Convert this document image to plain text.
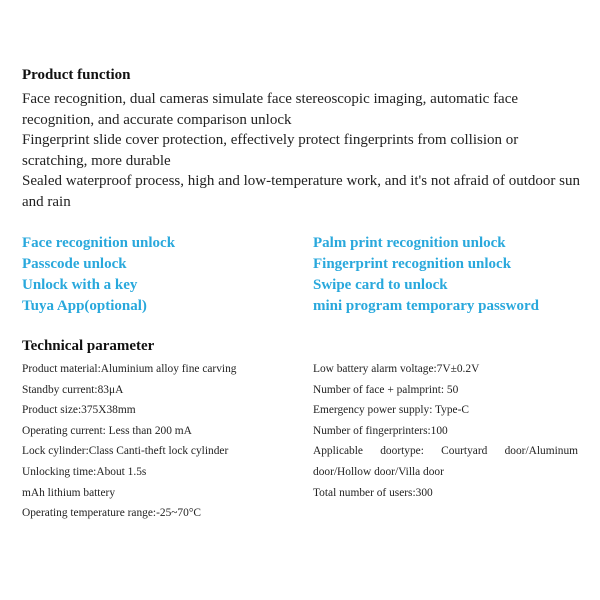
Product function

Face recognition, dual cameras simulate face stereoscopic imaging, automatic face recognition, and accurate comparison unlock

Fingerprint slide cover protection, effectively protect fingerprints from collision or scratching, more durable

Sealed waterproof process, high and low-temperature work, and it's not afraid of outdoor sun and rain

Face recognition unlock	Palm print recognition unlock
Passcode unlock	Fingerprint recognition unlock
Unlock with a key	Swipe card to unlock
Tuya App(optional)	mini program temporary password
Technical parameter
Product material:Aluminium alloy fine carving
Standby current:83μA
Product size:375X38mm
Operating current: Less than 200 mA
Lock cylinder:Class Canti-theft lock cylinder
Unlocking time:About 1.5s
mAh lithium battery
Operating temperature range:-25~70°C
Low battery alarm voltage:7V±0.2V
Number of face + palmprint: 50
Emergency power supply: Type-C
Number of fingerprinters:100
Applicable doortype: Courtyard door/Aluminum
door/Hollow door/Villa door
Total number of users:300
